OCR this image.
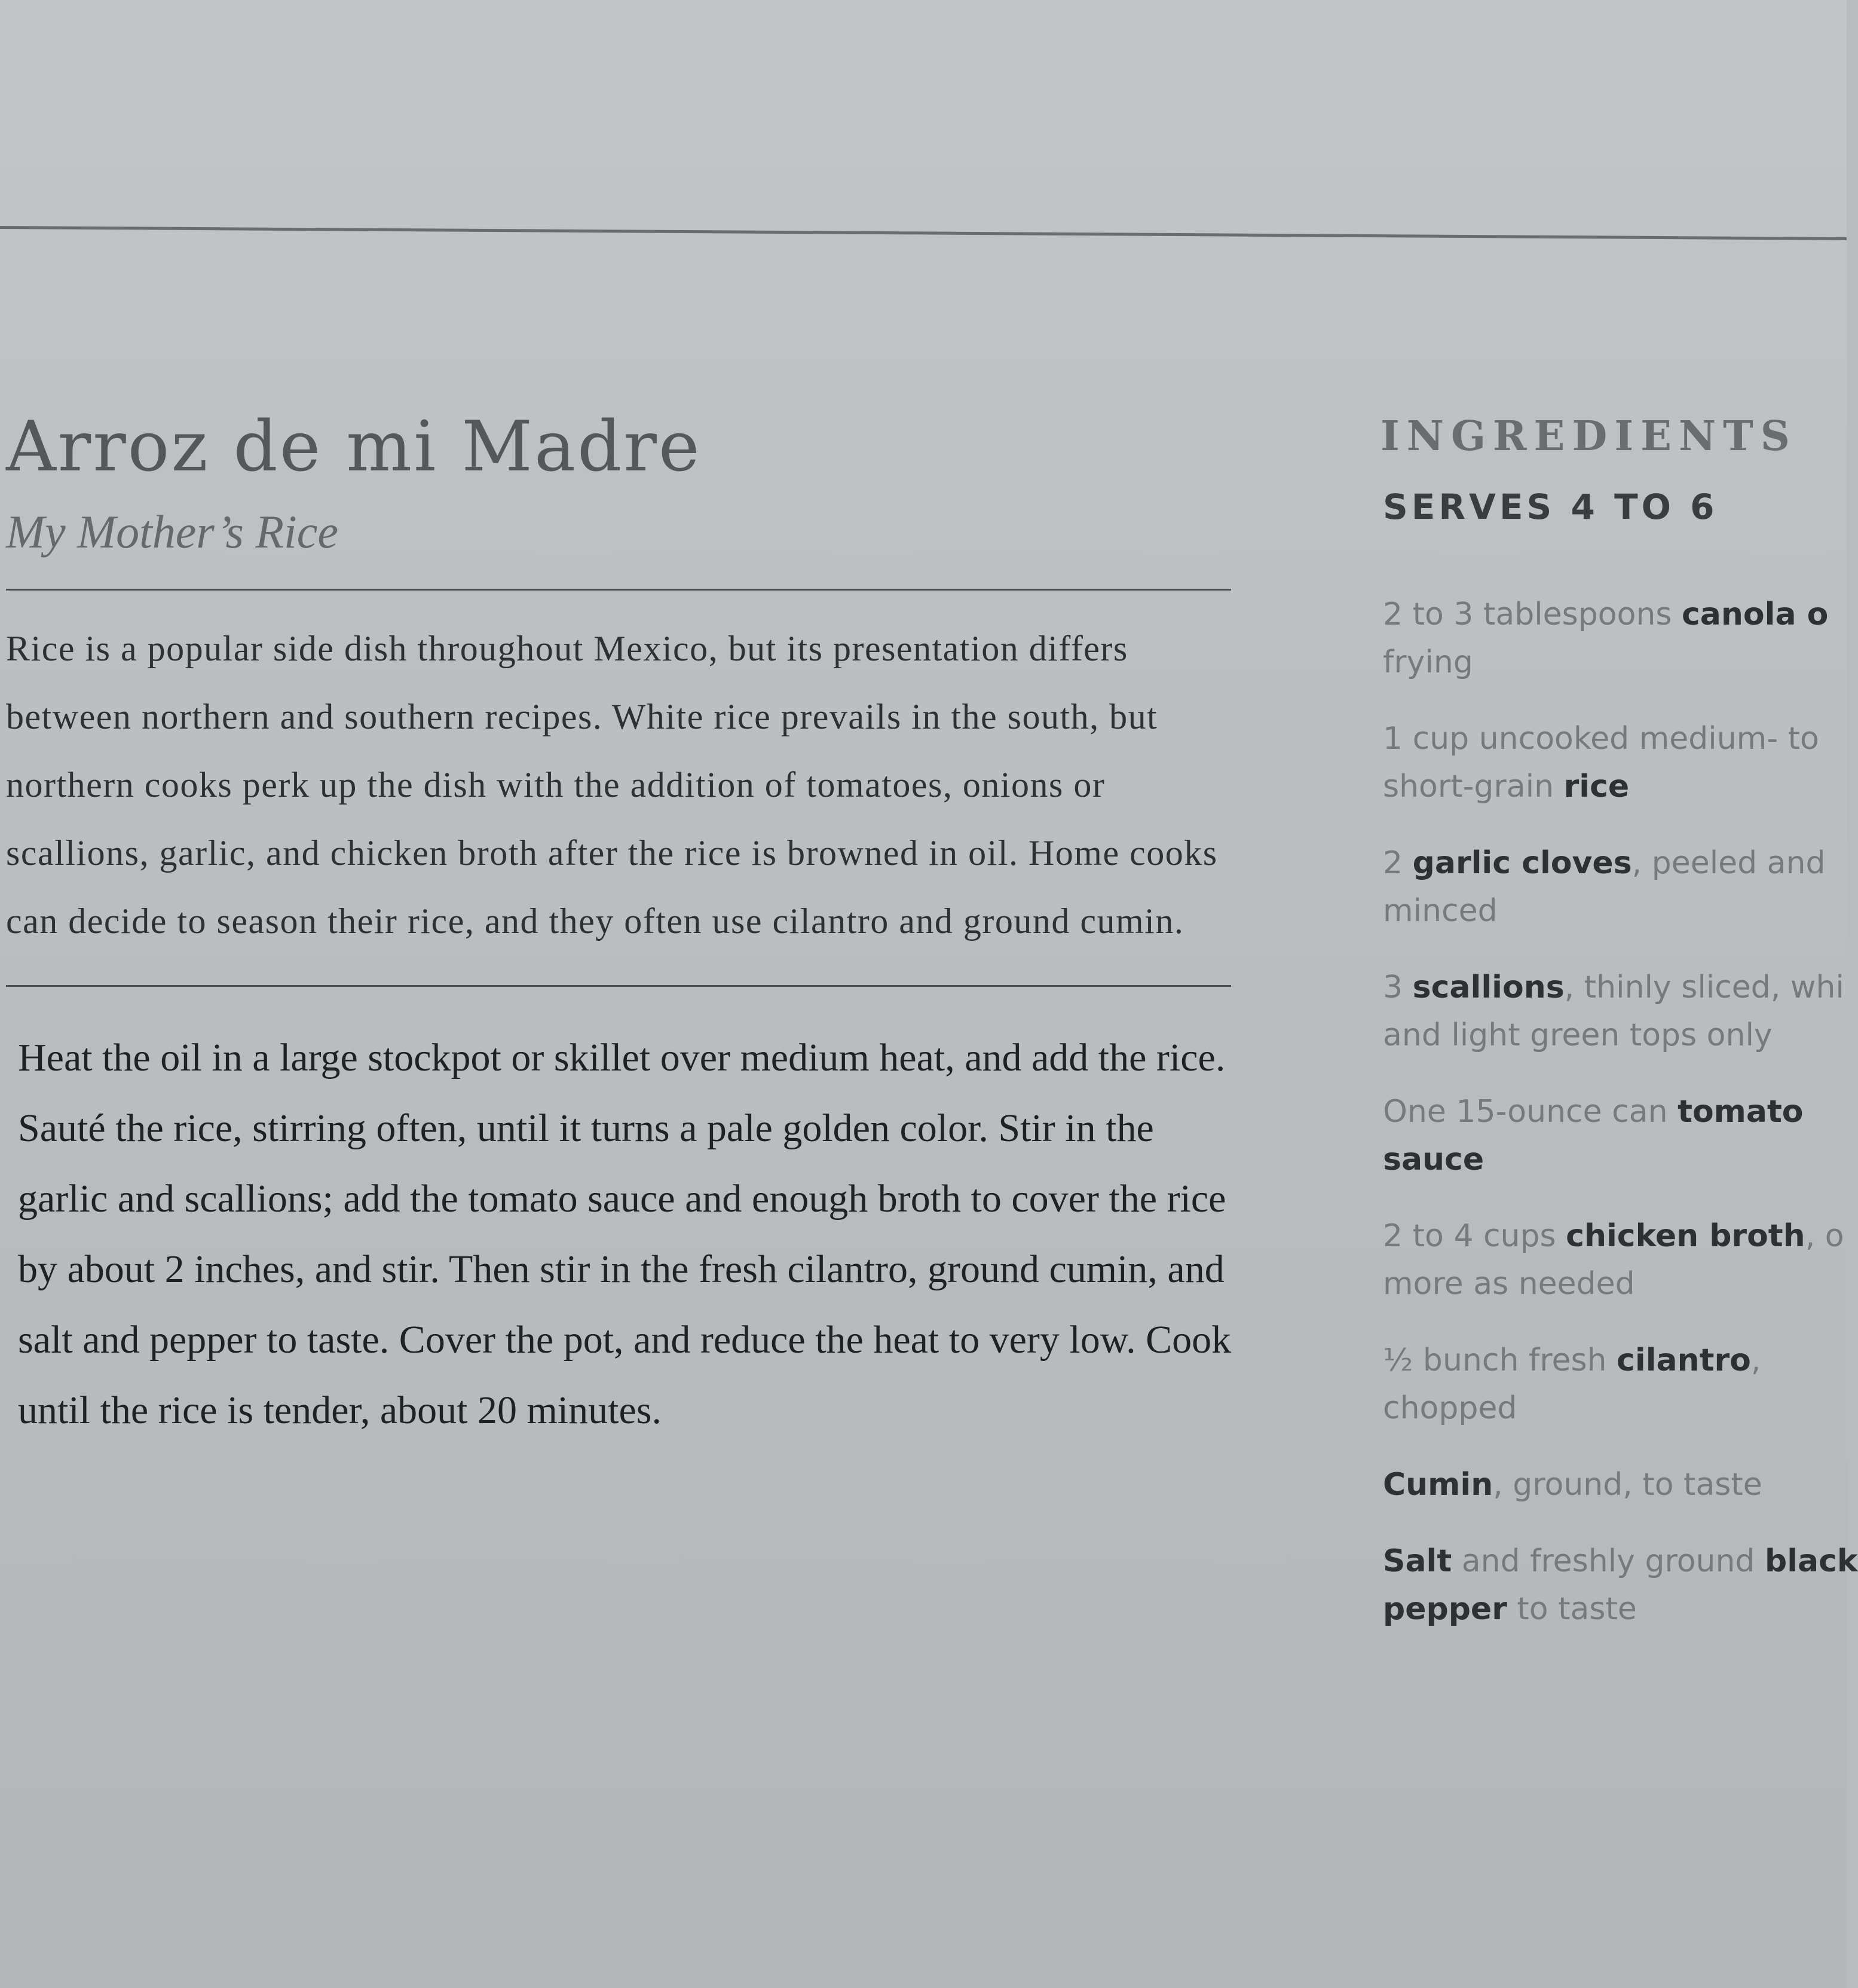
Arroz de mi Madre
My Mother’s Rice

Rice is a popular side dish throughout Mexico, but its presentation differs between northern and southern recipes. White rice prevails in the south, but northern cooks perk up the dish with the addition of tomatoes, onions or scallions, garlic, and chicken broth after the rice is browned in oil. Home cooks can decide to season their rice, and they often use cilantro and ground cumin.

Heat the oil in a large stockpot or skillet over medium heat, and add the rice. Sauté the rice, stirring often, until it turns a pale golden color. Stir in the garlic and scallions; add the tomato sauce and enough broth to cover the rice by about 2 inches, and stir. Then stir in the fresh cilantro, ground cumin, and salt and pepper to taste. Cover the pot, and reduce the heat to very low. Cook until the rice is tender, about 20 minutes.

INGREDIENTS
SERVES 4 TO 6
2 to 3 tablespoons canola o
frying
1 cup uncooked medium- to
short-grain rice
2 garlic cloves, peeled and
minced
3 scallions, thinly sliced, whi
and light green tops only
One 15-ounce can tomato
sauce
2 to 4 cups chicken broth, o
more as needed
½ bunch fresh cilantro,
chopped
Cumin, ground, to taste
Salt and freshly ground black
pepper to taste
